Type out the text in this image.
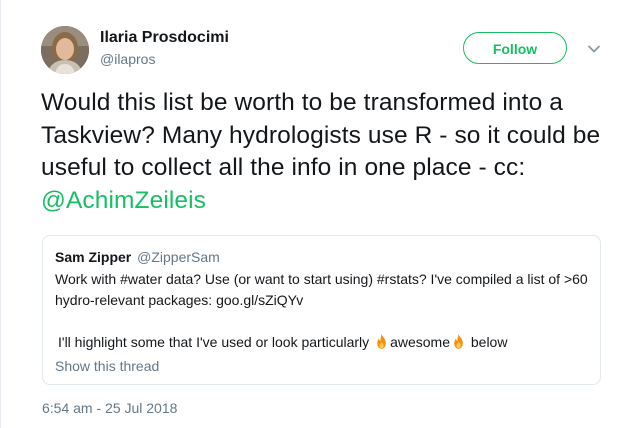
Ilaria Prosdocimi
@ilapros
Follow

Would this list be worth to be transformed into a Taskview? Many hydrologists use R - so it could be useful to collect all the info in one place - cc: @AchimZeileis

Sam Zipper @ZipperSam

Work with #water data? Use (or want to start using) #rstats? I've compiled a list of >60 hydro-relevant packages: goo.gl/sZiQYv

I'll highlight some that I've used or look particularly awesome below

Show this thread
6:54 am - 25 Jul 2018
